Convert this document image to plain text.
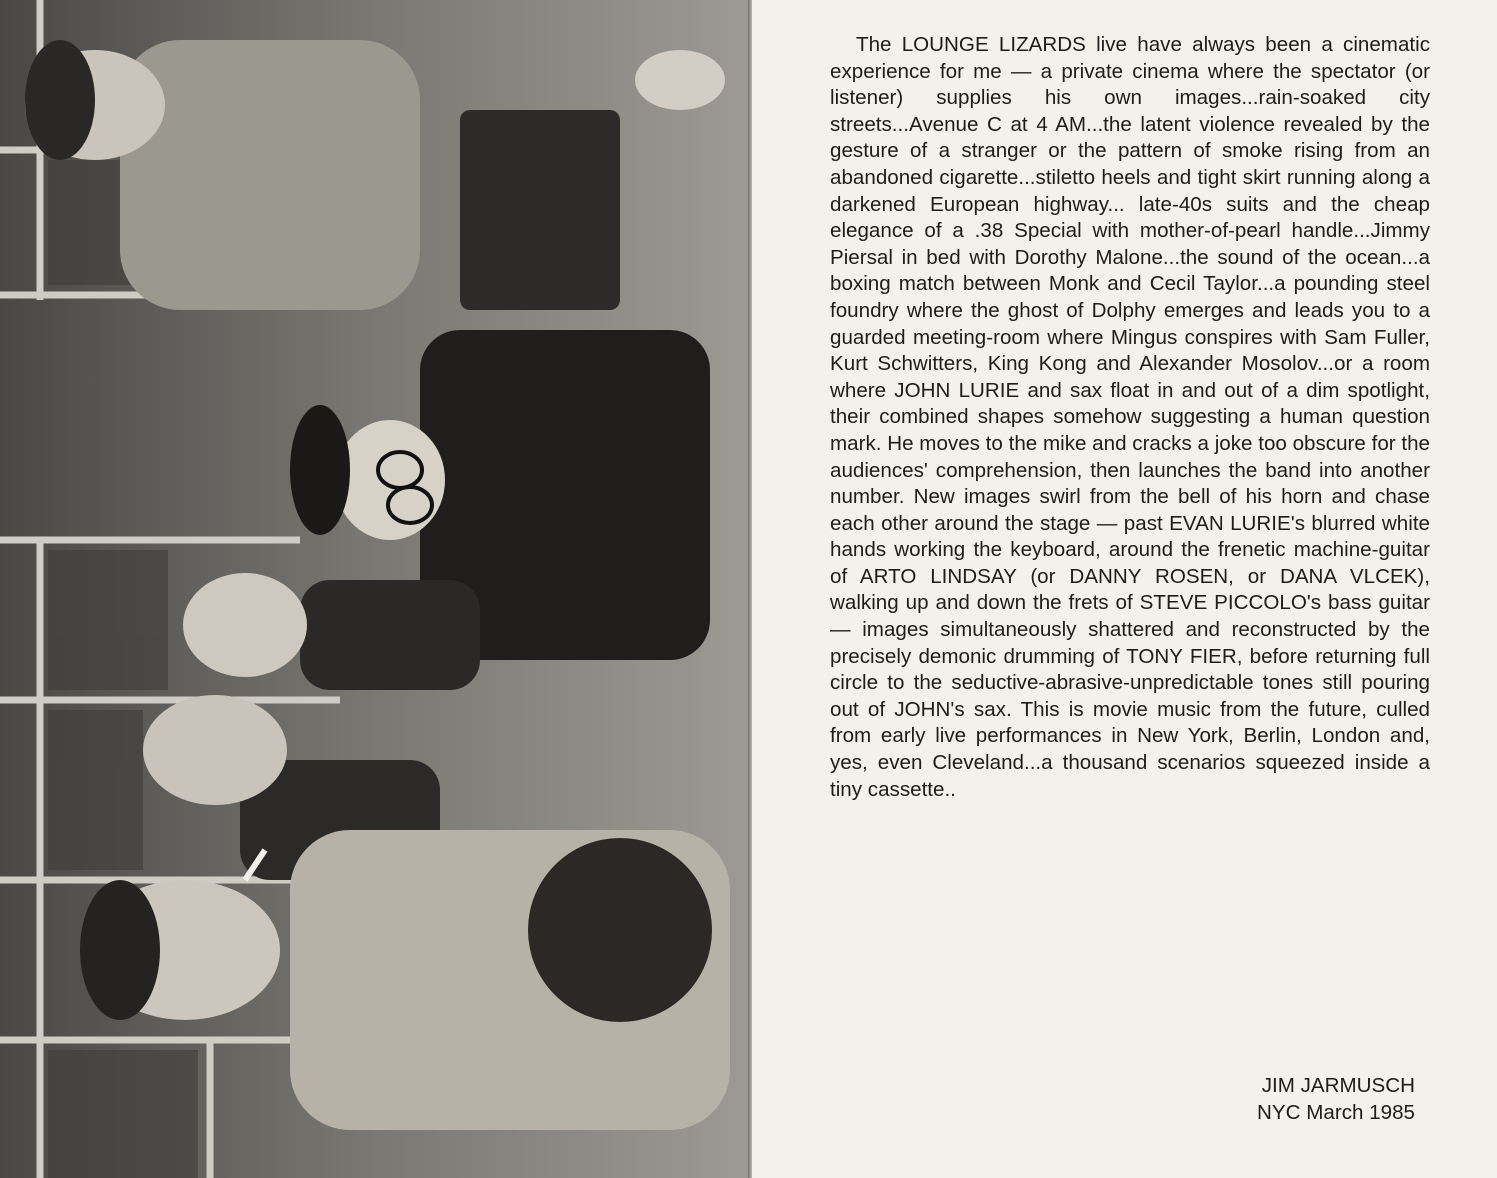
The LOUNGE LIZARDS live have always been a cinematic experience for me — a private cinema where the spectator (or listener) supplies his own images...rain-soaked city streets...Avenue C at 4 AM...the latent violence revealed by the gesture of a stranger or the pattern of smoke rising from an abandoned cigarette...stiletto heels and tight skirt running along a darkened European highway... late-40s suits and the cheap elegance of a .38 Special with mother-of-pearl handle...Jimmy Piersal in bed with Dorothy Malone...the sound of the ocean...a boxing match between Monk and Cecil Taylor...a pounding steel foundry where the ghost of Dolphy emerges and leads you to a guarded meeting-room where Mingus conspires with Sam Fuller, Kurt Schwitters, King Kong and Alexander Mosolov...or a room where JOHN LURIE and sax float in and out of a dim spotlight, their combined shapes somehow suggesting a human question mark. He moves to the mike and cracks a joke too obscure for the audiences' comprehension, then launches the band into another number. New images swirl from the bell of his horn and chase each other around the stage — past EVAN LURIE's blurred white hands working the keyboard, around the frenetic machine-guitar of ARTO LINDSAY (or DANNY ROSEN, or DANA VLCEK), walking up and down the frets of STEVE PICCOLO's bass guitar — images simultaneously shattered and reconstructed by the precisely demonic drumming of TONY FIER, before returning full circle to the seductive-abrasive-unpredictable tones still pouring out of JOHN's sax. This is movie music from the future, culled from early live performances in New York, Berlin, London and, yes, even Cleveland...a thousand scenarios squeezed inside a tiny cassette..

JIM JARMUSCH
NYC March 1985
